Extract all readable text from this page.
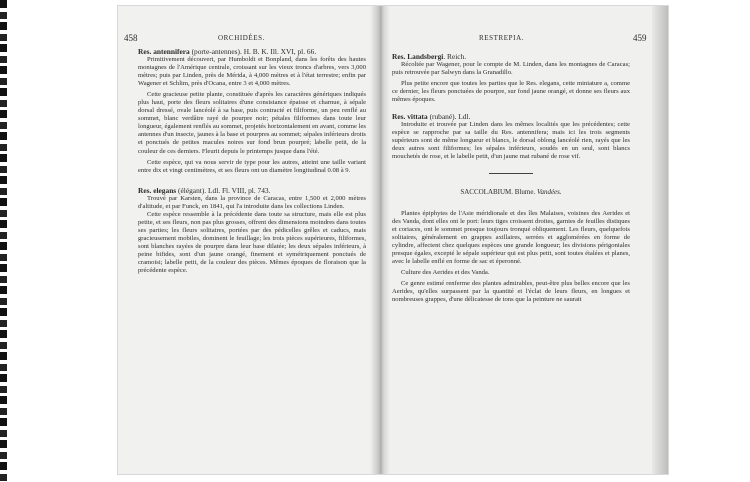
458	ORCHIDÉES.

Res. antennifera (porte-antennes). H. B. K. Ill. XVI, pl. 66.

Primitivement découvert, par Humboldt et Bonpland, dans les forêts des hautes montagnes de l'Amérique centrale, croissant sur les vieux troncs d'arbres, vers 3,000 mètres; puis par Linden, près de Mérida, à 4,000 mètres et à l'état terrestre; enfin par Wagener et Schlim, près d'Ocana, entre 3 et 4,000 mètres.

Cette gracieuse petite plante, constituée d'après les caractères génériques indiqués plus haut, porte des fleurs solitaires d'une consistance épaisse et charnue, à sépale dorsal dressé, ovale lancéolé à sa base, puis contracté et filiforme, un peu renflé au sommet, blanc verdâtre rayé de pourpre noir; pétales filiformes dans toute leur longueur, également renflés au sommet, projetés horizontalement en avant, comme les antennes d'un insecte, jaunes à la base et pourpres au sommet; sépales inférieurs droits et ponctués de petites macules noires sur fond brun pourpré; labelle petit, de la couleur de ces derniers. Fleurit depuis le printemps jusque dans l'été.

Cette espèce, qui va nous servir de type pour les autres, atteint une taille variant entre dix et vingt centimètres, et ses fleurs ont un diamètre longitudinal 0.08 à 9.

Res. elegans (élégant). Ldl. Fl. VIII, pl. 743.

Trouvé par Karsten, dans la province de Caracas, entre 1,500 et 2,000 mètres d'altitude, et par Funck, en 1841, qui l'a introduite dans les collections Linden.

Cette espèce ressemble à la précédente dans toute sa structure, mais elle est plus petite, et ses fleurs, non pas plus grosses, offrent des dimensions moindres dans toutes ses parties; les fleurs solitaires, portées par des pédicelles grêles et caducs, mais gracieusement mobiles, dominent le feuillage; les trois pièces supérieures, filiformes, sont blanches rayées de pourpre dans leur base dilatée; les deux sépales inférieurs, à peine bifides, sont d'un jaune orangé, finement et symétriquement ponctués de cramoisi; labelle petit, de la couleur des pièces. Mêmes époques de floraison que la précédente espèce.

RESTREPIA.	459

Res. Landsbergi. Reich.

Récoltée par Wagener, pour le compte de M. Linden, dans les montagnes de Caracas; puis retrouvée par Salwyn dans la Granadillo.

Plus petite encore que toutes les parties que le Res. elegans, cette miniature a, comme ce dernier, les fleurs ponctuées de pourpre, sur fond jaune orangé, et donne ses fleurs aux mêmes époques.

Res. vittata (rubané). Ldl.

Introduite et trouvée par Linden dans les mêmes localités que les précédentes; cette espèce se rapproche par sa taille du Res. antennifera; mais ici les trois segments supérieurs sont de même longueur et blancs, le dorsal oblong lancéolé rien, rayés que les deux autres sont filiformes; les sépales inférieurs, soudés en un seul, sont blancs mouchetés de rose, et le labelle petit, d'un jaune mat rubané de rose vif.

SACCOLABIUM. Blume. Vandées.

Plantes épiphytes de l'Asie méridionale et des îles Malaises, voisines des Aerides et des Vanda, dont elles ont le port: leurs tiges croissent droites, garnies de feuilles distiques et coriaces, ont le sommet presque toujours tronqué obliquement. Les fleurs, quelquefois solitaires, généralement en grappes axillaires, serrées et agglomérées en forme de cylindre, affectent chez quelques espèces une grande longueur; les divisions périgoniales presque égales, excepté le sépale supérieur qui est plus petit, sont toutes étalées et planes, avec le labelle enflé en forme de sac et éperonné.

Culture des Aerides et des Vanda.

Ce genre estimé renferme des plantes admirables, peut-être plus belles encore que les Aerides, qu'elles surpassent par la quantité et l'éclat de leurs fleurs, en longues et nombreuses grappes, d'une délicatesse de tons que la peinture ne saurait
